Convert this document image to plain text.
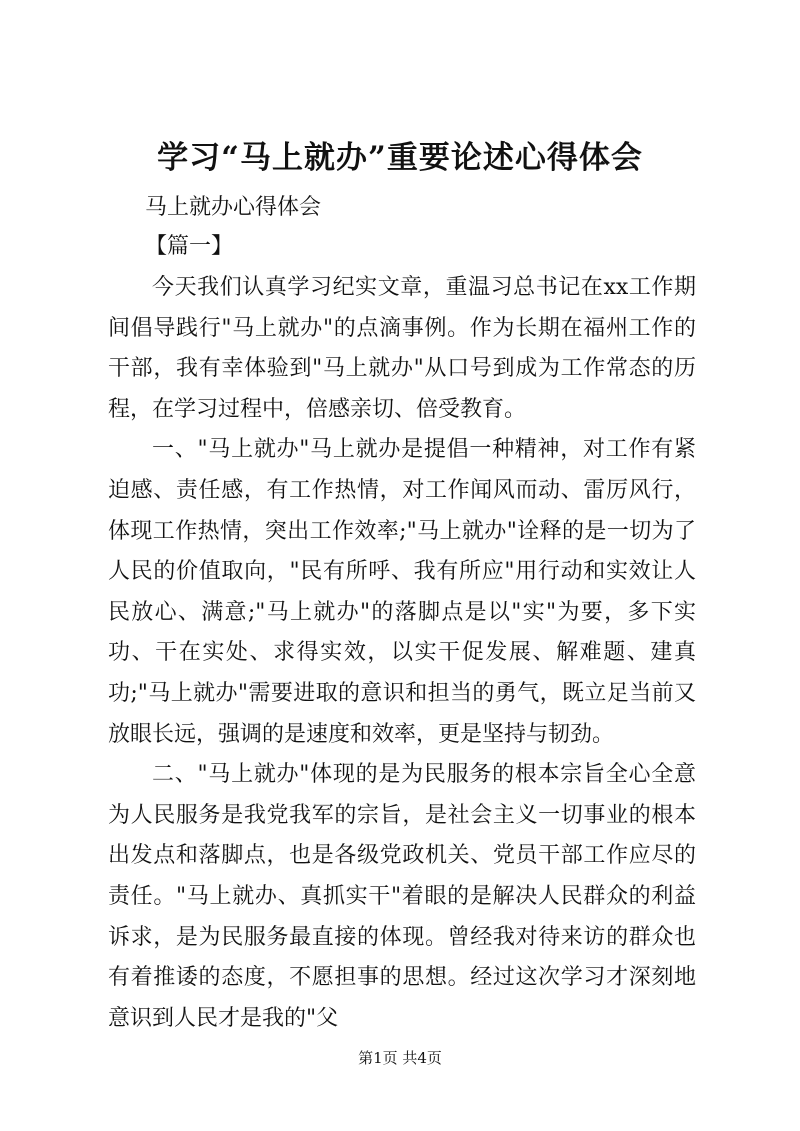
学习“马上就办”重要论述心得体会
马上就办心得体会
【篇一】

今天我们认真学习纪实文章，重温习总书记在xx工作期间倡导践行"马上就办"的点滴事例。作为长期在福州工作的干部，我有幸体验到"马上就办"从口号到成为工作常态的历程，在学习过程中，倍感亲切、倍受教育。

一、"马上就办"马上就办是提倡一种精神，对工作有紧迫感、责任感，有工作热情，对工作闻风而动、雷厉风行，体现工作热情，突出工作效率;"马上就办"诠释的是一切为了人民的价值取向，"民有所呼、我有所应"用行动和实效让人民放心、满意;"马上就办"的落脚点是以"实"为要，多下实功、干在实处、求得实效，以实干促发展、解难题、建真功;"马上就办"需要进取的意识和担当的勇气，既立足当前又放眼长远，强调的是速度和效率，更是坚持与韧劲。

二、"马上就办"体现的是为民服务的根本宗旨全心全意为人民服务是我党我军的宗旨，是社会主义一切事业的根本出发点和落脚点，也是各级党政机关、党员干部工作应尽的责任。"马上就办、真抓实干"着眼的是解决人民群众的利益诉求，是为民服务最直接的体现。曾经我对待来访的群众也有着推诿的态度，不愿担事的思想。经过这次学习才深刻地意识到人民才是我的"父

第1页 共4页
